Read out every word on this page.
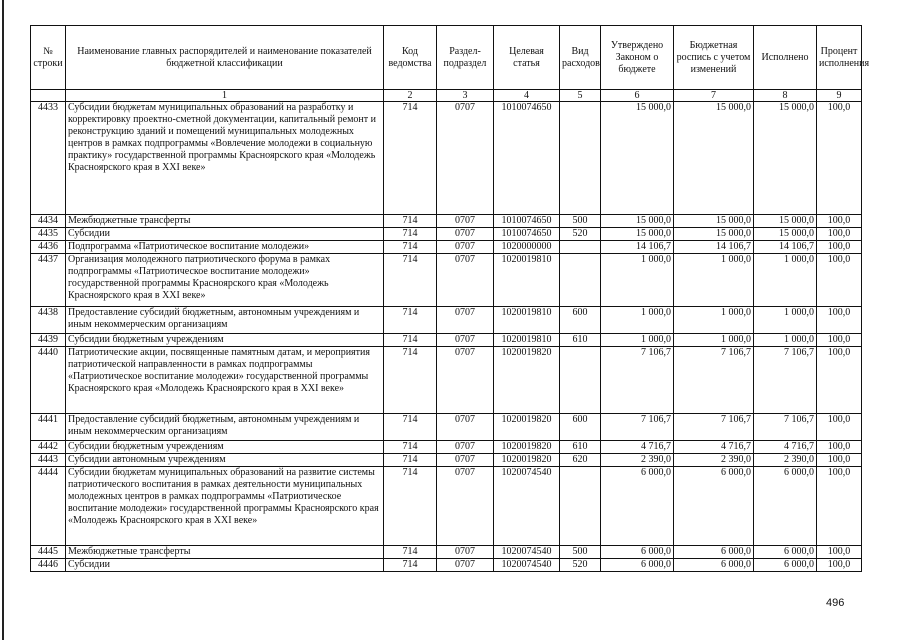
№ строки	Наименование главных распорядителей и наименование показателей бюджетной классификации	Код ведомства	Раздел-подраздел	Целевая статья	Вид расходов	Утверждено Законом о бюджете	Бюджетная роспись с учетом изменений	Исполнено	Процент исполнения
	1	2	3	4	5	6	7	8	9
4433	Субсидии бюджетам муниципальных образований на разработку и корректировку проектно-сметной документации, капитальный ремонт и реконструкцию зданий и помещений муниципальных молодежных центров в рамках подпрограммы «Вовлечение молодежи в социальную практику» государственной программы Красноярского края «Молодежь Красноярского края в XXI веке»	714	0707	1010074650		15 000,0	15 000,0	15 000,0	100,0
4434	Межбюджетные трансферты	714	0707	1010074650	500	15 000,0	15 000,0	15 000,0	100,0
4435	Субсидии	714	0707	1010074650	520	15 000,0	15 000,0	15 000,0	100,0
4436	Подпрограмма «Патриотическое воспитание молодежи»	714	0707	1020000000		14 106,7	14 106,7	14 106,7	100,0
4437	Организация молодежного патриотического форума в рамках подпрограммы «Патриотическое воспитание молодежи» государственной программы Красноярского края «Молодежь Красноярского края в XXI веке»	714	0707	1020019810		1 000,0	1 000,0	1 000,0	100,0
4438	Предоставление субсидий бюджетным, автономным учреждениям и иным некоммерческим организациям	714	0707	1020019810	600	1 000,0	1 000,0	1 000,0	100,0
4439	Субсидии бюджетным учреждениям	714	0707	1020019810	610	1 000,0	1 000,0	1 000,0	100,0
4440	Патриотические акции, посвященные памятным датам, и мероприятия патриотической направленности в рамках подпрограммы «Патриотическое воспитание молодежи» государственной программы Красноярского края «Молодежь Красноярского края в XXI веке»	714	0707	1020019820		7 106,7	7 106,7	7 106,7	100,0
4441	Предоставление субсидий бюджетным, автономным учреждениям и иным некоммерческим организациям	714	0707	1020019820	600	7 106,7	7 106,7	7 106,7	100,0
4442	Субсидии бюджетным учреждениям	714	0707	1020019820	610	4 716,7	4 716,7	4 716,7	100,0
4443	Субсидии автономным учреждениям	714	0707	1020019820	620	2 390,0	2 390,0	2 390,0	100,0
4444	Субсидии бюджетам муниципальных образований на развитие системы патриотического воспитания в рамках деятельности муниципальных молодежных центров в рамках подпрограммы «Патриотическое воспитание молодежи» государственной программы Красноярского края «Молодежь Красноярского края в XXI веке»	714	0707	1020074540		6 000,0	6 000,0	6 000,0	100,0
4445	Межбюджетные трансферты	714	0707	1020074540	500	6 000,0	6 000,0	6 000,0	100,0
4446	Субсидии	714	0707	1020074540	520	6 000,0	6 000,0	6 000,0	100,0
496
